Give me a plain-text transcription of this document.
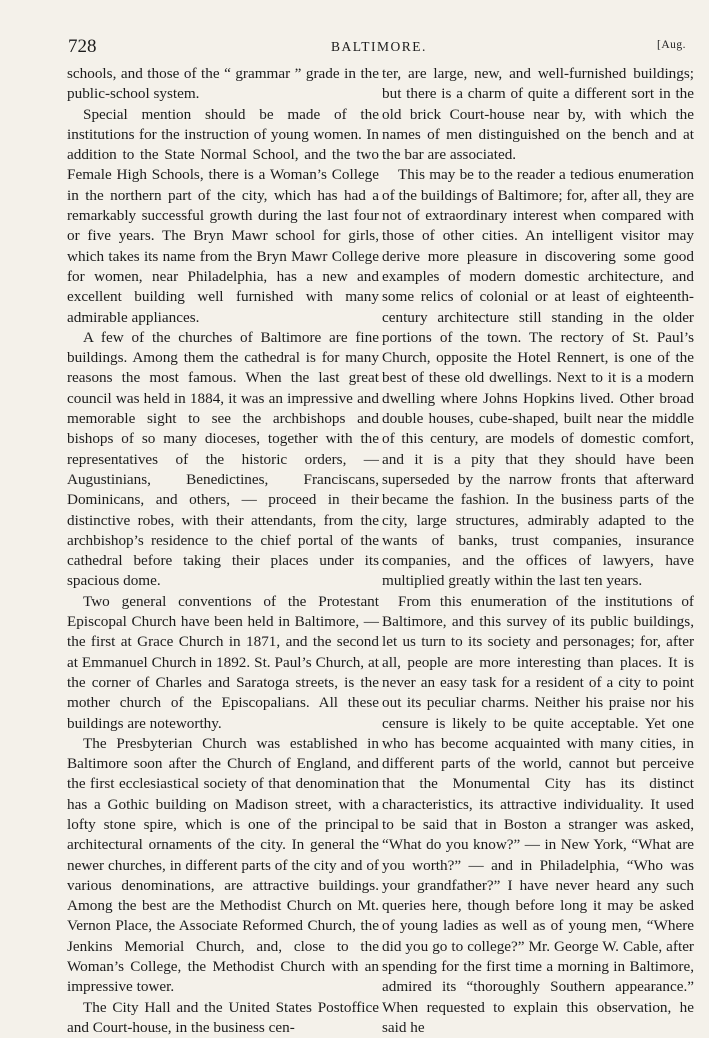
728	BALTIMORE.	[Aug.

schools, and those of the “ grammar ” grade in the public-school system.

Special mention should be made of the institutions for the instruction of young women. In addition to the State Normal School, and the two Female High Schools, there is a Woman’s College in the northern part of the city, which has had a remarkably successful growth during the last four or five years. The Bryn Mawr school for girls, which takes its name from the Bryn Mawr College for women, near Philadelphia, has a new and excellent building well furnished with many admirable appliances.

A few of the churches of Baltimore are fine buildings. Among them the cathedral is for many reasons the most famous. When the last great council was held in 1884, it was an impressive and memorable sight to see the archbishops and bishops of so many dioceses, together with the representatives of the historic orders, — Augustinians, Benedictines, Franciscans, Dominicans, and others, — proceed in their distinctive robes, with their attendants, from the archbishop’s residence to the chief portal of the cathedral before taking their places under its spacious dome.

Two general conventions of the Protestant Episcopal Church have been held in Baltimore, — the first at Grace Church in 1871, and the second at Emmanuel Church in 1892. St. Paul’s Church, at the corner of Charles and Saratoga streets, is the mother church of the Episcopalians. All these buildings are noteworthy.

The Presbyterian Church was established in Baltimore soon after the Church of England, and the first ecclesiastical society of that denomination has a Gothic building on Madison street, with a lofty stone spire, which is one of the principal architectural ornaments of the city. In general the newer churches, in different parts of the city and of various denominations, are attractive buildings. Among the best are the Methodist Church on Mt. Vernon Place, the Associate Reformed Church, the Jenkins Memorial Church, and, close to the Woman’s College, the Methodist Church with an impressive tower.

The City Hall and the United States Postoffice and Court-house, in the business cen-

ter, are large, new, and well-furnished buildings; but there is a charm of quite a different sort in the old brick Court-house near by, with which the names of men distinguished on the bench and at the bar are associated.

This may be to the reader a tedious enumeration of the buildings of Baltimore; for, after all, they are not of extraordinary interest when compared with those of other cities. An intelligent visitor may derive more pleasure in discovering some good examples of modern domestic architecture, and some relics of colonial or at least of eighteenth-century architecture still standing in the older portions of the town. The rectory of St. Paul’s Church, opposite the Hotel Rennert, is one of the best of these old dwellings. Next to it is a modern dwelling where Johns Hopkins lived. Other broad double houses, cube-shaped, built near the middle of this century, are models of domestic comfort, and it is a pity that they should have been superseded by the narrow fronts that afterward became the fashion. In the business parts of the city, large structures, admirably adapted to the wants of banks, trust companies, insurance companies, and the offices of lawyers, have multiplied greatly within the last ten years.

From this enumeration of the institutions of Baltimore, and this survey of its public buildings, let us turn to its society and personages; for, after all, people are more interesting than places. It is never an easy task for a resident of a city to point out its peculiar charms. Neither his praise nor his censure is likely to be quite acceptable. Yet one who has become acquainted with many cities, in different parts of the world, cannot but perceive that the Monumental City has its distinct characteristics, its attractive individuality. It used to be said that in Boston a stranger was asked, “What do you know?” — in New York, “What are you worth?” — and in Philadelphia, “Who was your grandfather?” I have never heard any such queries here, though before long it may be asked of young ladies as well as of young men, “Where did you go to college?” Mr. George W. Cable, after spending for the first time a morning in Baltimore, admired its “thoroughly Southern appearance.” When requested to explain this observation, he said he
